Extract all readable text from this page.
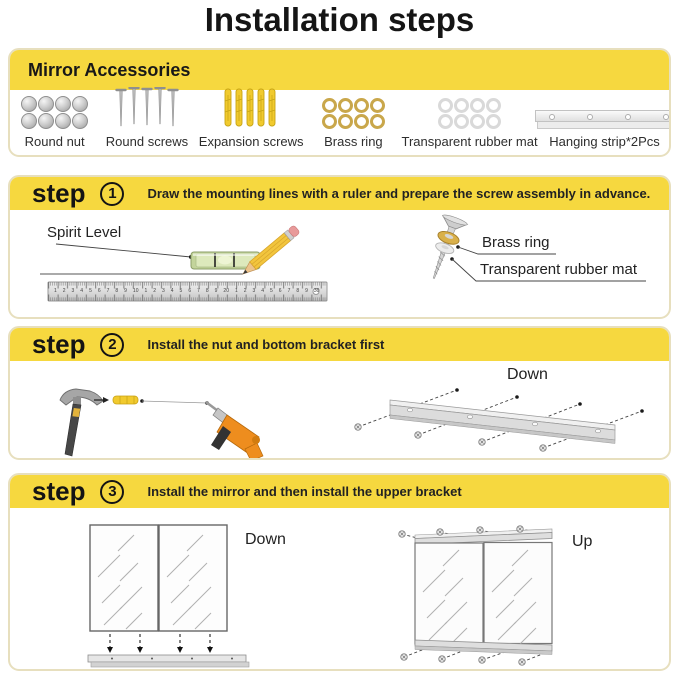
Installation steps
Mirror Accessories
Round nut Round screws Expansion screws Brass ring Transparent rubber mat Hanging strip*2Pcs
step	1	Draw the mounting lines with a ruler and prepare the screw assembly in advance.
Spirit Level
1 2 3 4 5 6 7 8 9 10 1 2 3 4 5 6 7 8 9 20 1 2 3 4 5 6 7 8 9 30
Brass ring
Transparent rubber mat
step	2	Install the nut and bottom bracket first
Down
step	3	Install the mirror and then install the upper bracket
Down	Up
